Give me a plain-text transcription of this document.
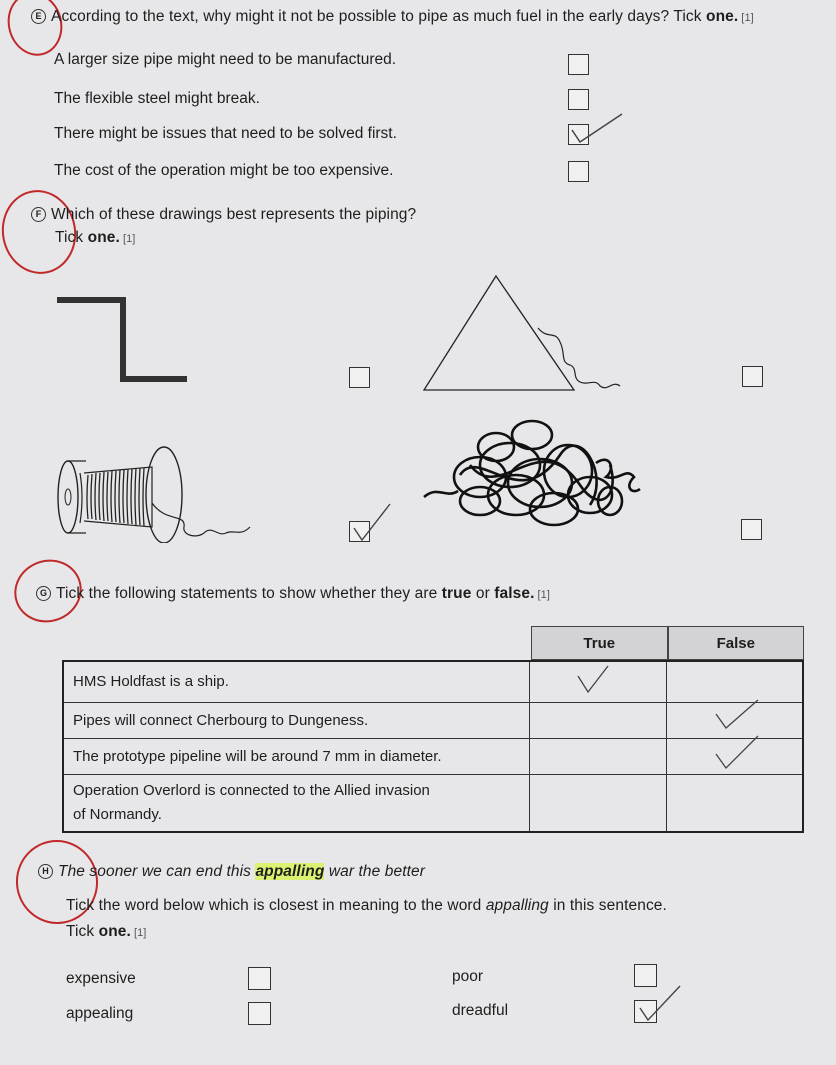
E According to the text, why might it not be possible to pipe as much fuel in the early days? Tick one. [1]
A larger size pipe might need to be manufactured.
The flexible steel might break.
There might be issues that need to be solved first.
The cost of the operation might be too expensive.
F Which of these drawings best represents the piping?
Tick one. [1]
G Tick the following statements to show whether they are true or false. [1]
True	False
HMS Holdfast is a ship.		
Pipes will connect Cherbourg to Dungeness.		
The prototype pipeline will be around 7 mm in diameter.		
Operation Overlord is connected to the Allied invasion
of Normandy.		
H The sooner we can end this appalling war the better
Tick the word below which is closest in meaning to the word appalling in this sentence.
Tick one. [1]
expensive	poor
appealing	dreadful
